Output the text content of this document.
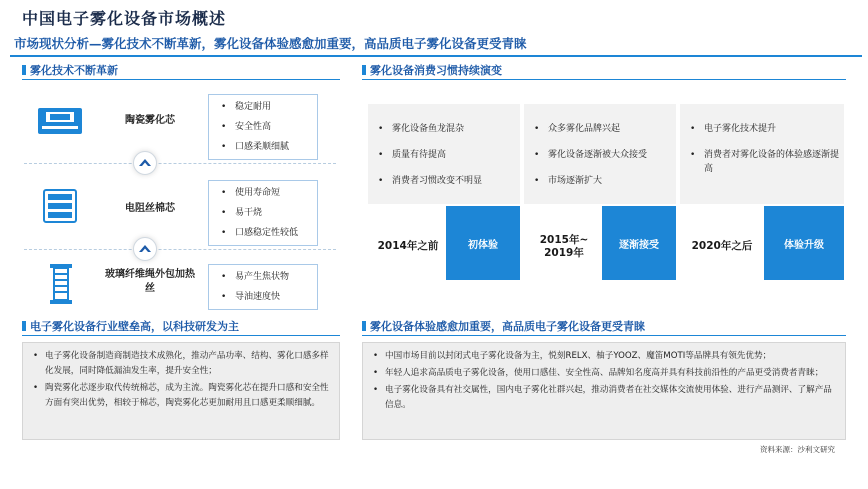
中国电子雾化设备市场概述
市场现状分析—雾化技术不断革新，雾化设备体验感愈加重要，高品质电子雾化设备更受青睐
雾化技术不断革新
陶瓷雾化芯
• 稳定耐用
• 安全性高
• 口感柔顺细腻
电阻丝棉芯
• 使用寿命短
• 易干烧
• 口感稳定性较低
玻璃纤维绳外包加热丝
• 易产生焦状物
• 导油速度快
雾化设备消费习惯持续演变
• 雾化设备鱼龙混杂
• 质量有待提高
• 消费者习惯改变不明显
2014年之前	初体验
• 众多雾化品牌兴起
• 雾化设备逐渐被大众接受
• 市场逐渐扩大
2015年~
2019年
逐渐接受
• 电子雾化技术提升
• 消费者对雾化设备的体验感逐渐提高
2020年之后	体验升级
电子雾化设备行业壁垒高，以科技研发为主
• 电子雾化设备制造商制造技术成熟化，推动产品功率、结构、雾化口感多样化发展，同时降低漏油发生率，提升安全性；
• 陶瓷雾化芯逐步取代传统棉芯，成为主流。陶瓷雾化芯在提升口感和安全性方面有突出优势，相较于棉芯，陶瓷雾化芯更加耐用且口感更柔顺细腻。
雾化设备体验感愈加重要，高品质电子雾化设备更受青睐
• 中国市场目前以封闭式电子雾化设备为主，悦刻RELX、柚子YOOZ、魔笛MOTI等品牌具有领先优势；
• 年轻人追求高品质电子雾化设备，使用口感佳、安全性高、品牌知名度高并具有科技前沿性的产品更受消费者青睐；
• 电子雾化设备具有社交属性，国内电子雾化社群兴起，推动消费者在社交媒体交流使用体验、进行产品测评、了解产品信息。
资料来源：沙利文研究
